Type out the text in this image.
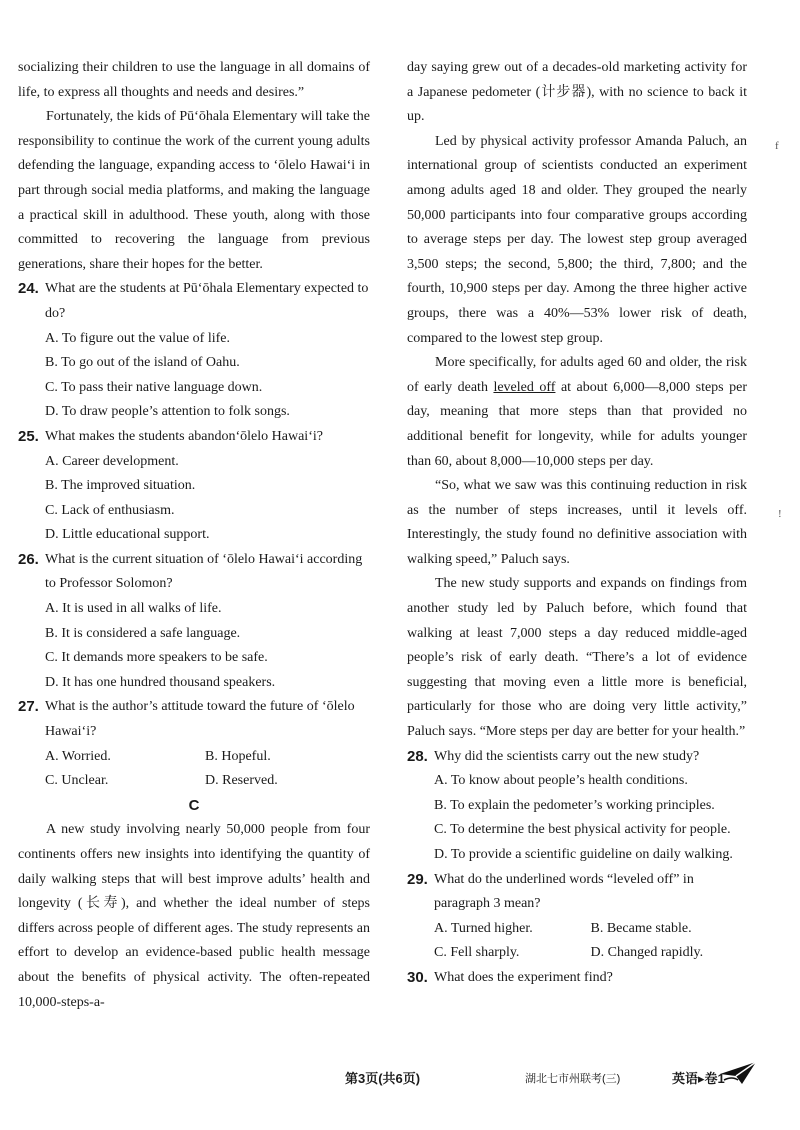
socializing their children to use the language in all domains of life, to express all thoughts and needs and desires.”

Fortunately, the kids of Pū‘ōhala Elementary will take the responsibility to continue the work of the current young adults defending the language, expanding access to ‘ōlelo Hawai‘i in part through social media platforms, and making the language a practical skill in adulthood. These youth, along with those committed to recovering the language from previous generations, share their hopes for the better.

24. What are the students at Pū‘ōhala Elementary expected to do?

A. To figure out the value of life.

B. To go out of the island of Oahu.

C. To pass their native language down.

D. To draw people’s attention to folk songs.

25. What makes the students abandon‘ōlelo Hawai‘i?

A. Career development.

B. The improved situation.

C. Lack of enthusiasm.

D. Little educational support.

26. What is the current situation of ‘ōlelo Hawai‘i according to Professor Solomon?

A. It is used in all walks of life.

B. It is considered a safe language.

C. It demands more speakers to be safe.

D. It has one hundred thousand speakers.

27. What is the author’s attitude toward the future of ‘ōlelo Hawai‘i?

A. Worried.	B. Hopeful.
C. Unclear.	D. Reserved.

C

A new study involving nearly 50,000 people from four continents offers new insights into identifying the quantity of daily walking steps that will best improve adults’ health and longevity (长寿), and whether the ideal number of steps differs across people of different ages. The study represents an effort to develop an evidence-based public health message about the benefits of physical activity. The often-repeated 10,000-steps-a-

day saying grew out of a decades-old marketing activity for a Japanese pedometer (计步器), with no science to back it up.

Led by physical activity professor Amanda Paluch, an international group of scientists conducted an experiment among adults aged 18 and older. They grouped the nearly 50,000 participants into four comparative groups according to average steps per day. The lowest step group averaged 3,500 steps; the second, 5,800; the third, 7,800; and the fourth, 10,900 steps per day. Among the three higher active groups, there was a 40%—53% lower risk of death, compared to the lowest step group.

More specifically, for adults aged 60 and older, the risk of early death leveled off at about 6,000—8,000 steps per day, meaning that more steps than that provided no additional benefit for longevity, while for adults younger than 60, about 8,000—10,000 steps per day.

“So, what we saw was this continuing reduction in risk as the number of steps increases, until it levels off. Interestingly, the study found no definitive association with walking speed,” Paluch says.

The new study supports and expands on findings from another study led by Paluch before, which found that walking at least 7,000 steps a day reduced middle-aged people’s risk of early death. “There’s a lot of evidence suggesting that moving even a little more is beneficial, particularly for those who are doing very little activity,” Paluch says. “More steps per day are better for your health.”

28. Why did the scientists carry out the new study?

A. To know about people’s health conditions.

B. To explain the pedometer’s working principles.

C. To determine the best physical activity for people.

D. To provide a scientific guideline on daily walking.

29. What do the underlined words “leveled off” in paragraph 3 mean?

A. Turned higher.	B. Became stable.
C. Fell sharply.	D. Changed rapidly.

30. What does the experiment find?

f
!
第3页(共6页)	湖北七市州联考(三)	英语▸卷1
